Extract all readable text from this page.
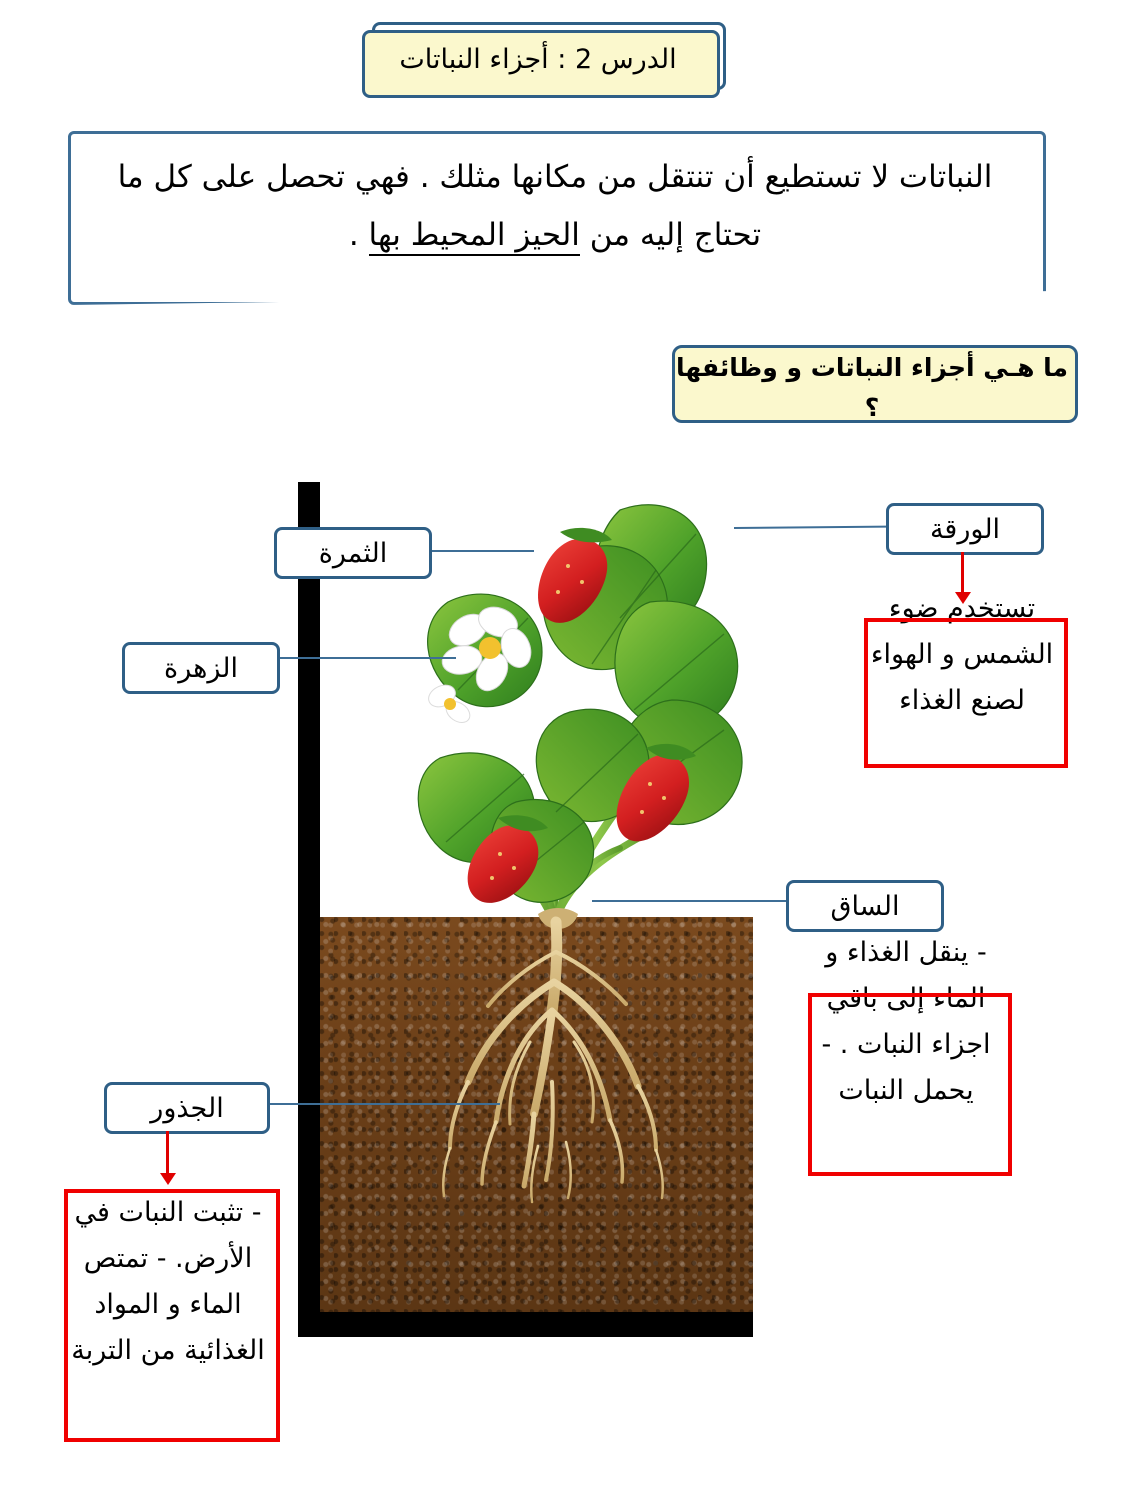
الدرس 2 : أجزاء النباتات
النباتات لا تستطيع أن تنتقل من مكانها مثلك . فهي تحصل على كل ما تحتاج إليه من الحيز المحيط بها .
ما هـي أجزاء النباتات و وظائفها ؟
الورقة
الثمرة
الزهرة
الساق
الجذور
تستخدم ضوء الشمس و الهواء لصنع الغذاء
- ينقل الغذاء و الماء إلى باقي اجزاء النبات . - يحمل النبات
- تثبت النبات في الأرض. - تمتص الماء و المواد الغذائية من التربة
